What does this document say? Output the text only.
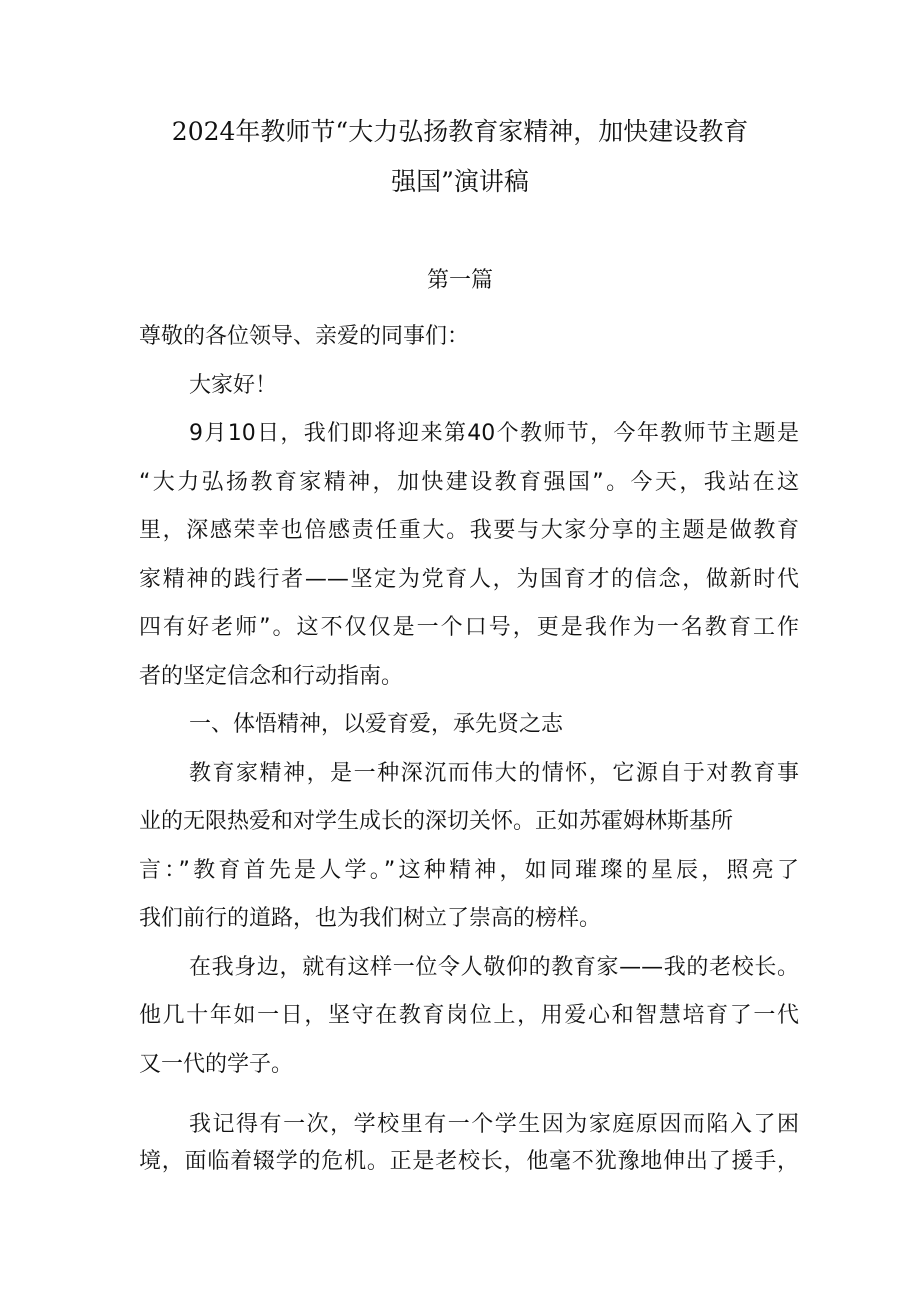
2024年教师节“大力弘扬教育家精神，加快建设教育
强国”演讲稿
第一篇
尊敬的各位领导、亲爱的同事们：
大家好！
9月10日，我们即将迎来第40个教师节，今年教师节主题是
“大力弘扬教育家精神，加快建设教育强国”。今天，我站在这
里，深感荣幸也倍感责任重大。我要与大家分享的主题是做教育
家精神的践行者——坚定为党育人，为国育才的信念，做新时代
四有好老师”。这不仅仅是一个口号，更是我作为一名教育工作
者的坚定信念和行动指南。
一、体悟精神，以爱育爱，承先贤之志
教育家精神，是一种深沉而伟大的情怀，它源自于对教育事
业的无限热爱和对学生成长的深切关怀。正如苏霍姆林斯基所
言：”教育首先是人学。”这种精神，如同璀璨的星辰，照亮了
我们前行的道路，也为我们树立了崇高的榜样。
在我身边，就有这样一位令人敬仰的教育家——我的老校长。
他几十年如一日，坚守在教育岗位上，用爱心和智慧培育了一代
又一代的学子。
我记得有一次，学校里有一个学生因为家庭原因而陷入了困
境，面临着辍学的危机。正是老校长，他毫不犹豫地伸出了援手，
